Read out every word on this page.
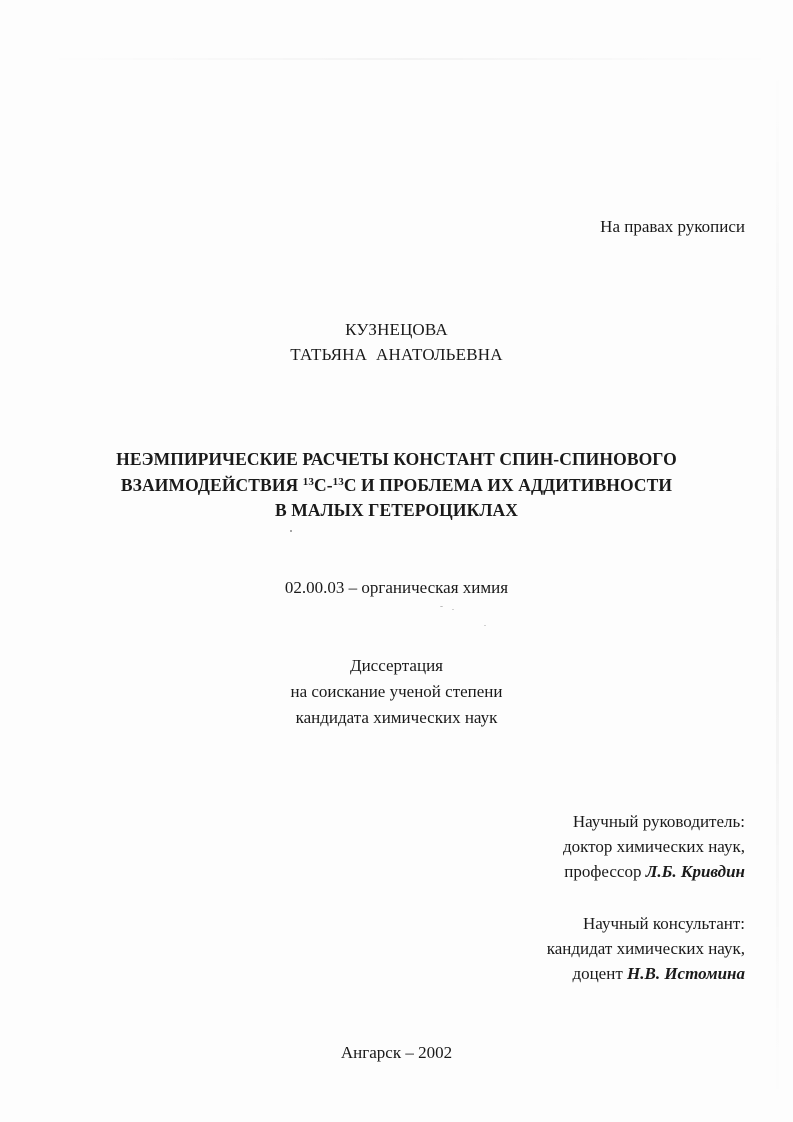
На правах рукописи
КУЗНЕЦОВА
ТАТЬЯНА  АНАТОЛЬЕВНА
НЕЭМПИРИЧЕСКИЕ РАСЧЕТЫ КОНСТАНТ СПИН-СПИНОВОГО
ВЗАИМОДЕЙСТВИЯ $^{13}$С-$^{13}$С И ПРОБЛЕМА ИХ АДДИТИВНОСТИ
В МАЛЫХ ГЕТЕРОЦИКЛАХ
02.00.03 – органическая химия
Диссертация
на соискание ученой степени
кандидата химических наук
Научный руководитель:
доктор химических наук,
профессор Л.Б. Кривдин
Научный консультант:
кандидат химических наук,
доцент Н.В. Истомина
Ангарск – 2002
